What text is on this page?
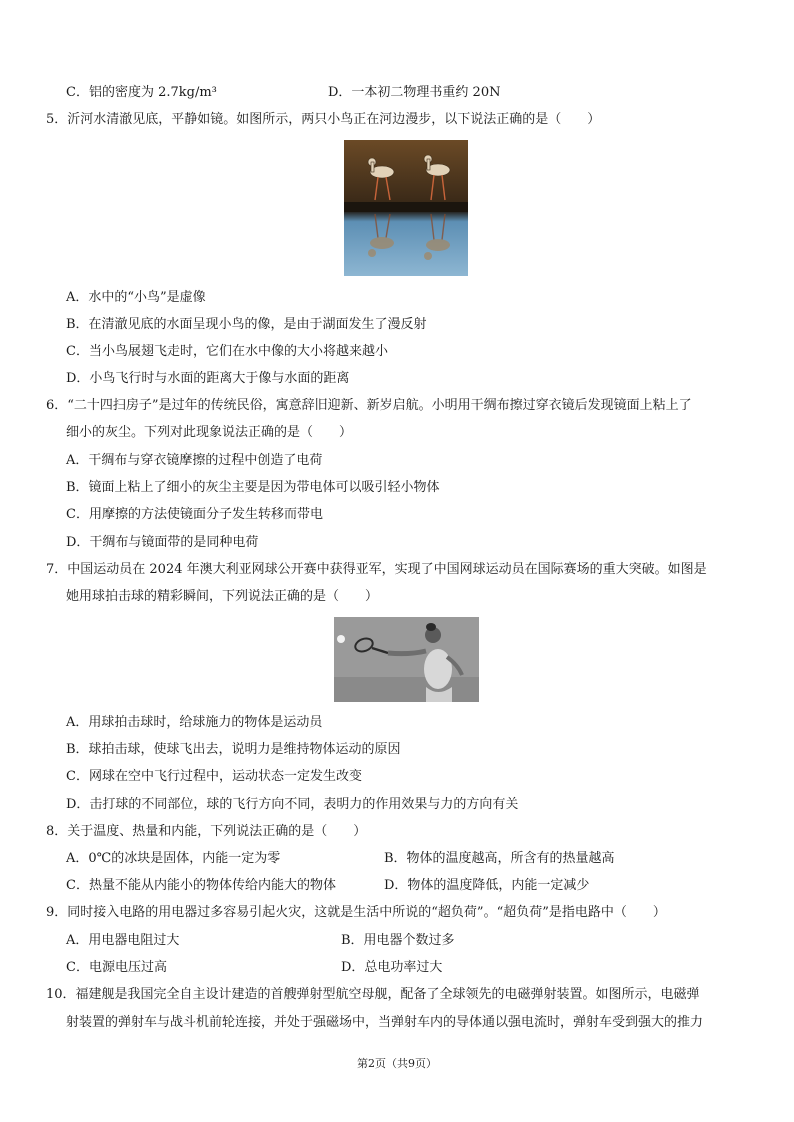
C．铝的密度为 2.7kg/m³	D．一本初二物理书重约 20N
5．沂河水清澈见底，平静如镜。如图所示，两只小鸟正在河边漫步，以下说法正确的是（　　）
A．水中的“小鸟”是虚像
B．在清澈见底的水面呈现小鸟的像，是由于湖面发生了漫反射
C．当小鸟展翅飞走时，它们在水中像的大小将越来越小
D．小鸟飞行时与水面的距离大于像与水面的距离
6．“二十四扫房子”是过年的传统民俗，寓意辞旧迎新、新岁启航。小明用干绸布擦过穿衣镜后发现镜面上粘上了
细小的灰尘。下列对此现象说法正确的是（　　）
A．干绸布与穿衣镜摩擦的过程中创造了电荷
B．镜面上粘上了细小的灰尘主要是因为带电体可以吸引轻小物体
C．用摩擦的方法使镜面分子发生转移而带电
D．干绸布与镜面带的是同种电荷
7．中国运动员在 2024 年澳大利亚网球公开赛中获得亚军，实现了中国网球运动员在国际赛场的重大突破。如图是
她用球拍击球的精彩瞬间，下列说法正确的是（　　）
A．用球拍击球时，给球施力的物体是运动员
B．球拍击球，使球飞出去，说明力是维持物体运动的原因
C．网球在空中飞行过程中，运动状态一定发生改变
D．击打球的不同部位，球的飞行方向不同，表明力的作用效果与力的方向有关
8．关于温度、热量和内能，下列说法正确的是（　　）
A．0℃的冰块是固体，内能一定为零	B．物体的温度越高，所含有的热量越高
C．热量不能从内能小的物体传给内能大的物体	D．物体的温度降低，内能一定减少
9．同时接入电路的用电器过多容易引起火灾，这就是生活中所说的“超负荷”。“超负荷”是指电路中（　　）
A．用电器电阻过大	B．用电器个数过多
C．电源电压过高	D．总电功率过大
10．福建舰是我国完全自主设计建造的首艘弹射型航空母舰，配备了全球领先的电磁弹射装置。如图所示，电磁弹
射装置的弹射车与战斗机前轮连接，并处于强磁场中，当弹射车内的导体通以强电流时，弹射车受到强大的推力
第2页（共9页）
